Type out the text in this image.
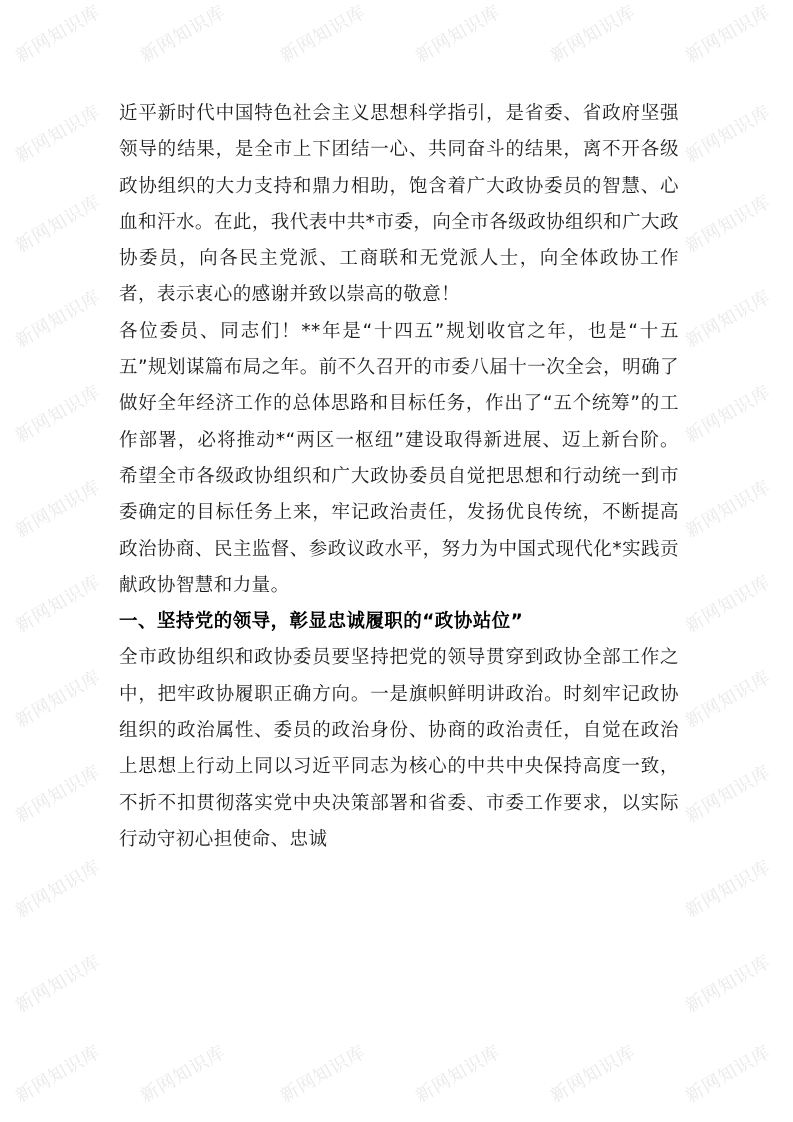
新网知识库 新网知识库	新网知识库 新网知识库 新网知识库 新网知识库
新网知识库	新网知识库
新网知识库	新网知识库
新网知识库	新网知识库
新网知识库	新网知识库
新网知识库	新网知识库
新网知识库	新网知识库
新网知识库	新网知识库
新网知识库	新网知识库
新网知识库	新网知识库
新网知识库	新网知识库
新网知识库 新网知识库	新网知识库 新网知识库 新网知识库 新网知识库

近平新时代中国特色社会主义思想科学指引，是省委、省政府坚强领导的结果，是全市上下团结一心、共同奋斗的结果，离不开各级政协组织的大力支持和鼎力相助，饱含着广大政协委员的智慧、心血和汗水。在此，我代表中共*市委，向全市各级政协组织和广大政协委员，向各民主党派、工商联和无党派人士，向全体政协工作者，表示衷心的感谢并致以崇高的敬意！

各位委员、同志们！**年是“十四五”规划收官之年，也是“十五五”规划谋篇布局之年。前不久召开的市委八届十一次全会，明确了做好全年经济工作的总体思路和目标任务，作出了“五个统筹”的工作部署，必将推动*“两区一枢纽”建设取得新进展、迈上新台阶。希望全市各级政协组织和广大政协委员自觉把思想和行动统一到市委确定的目标任务上来，牢记政治责任，发扬优良传统，不断提高政治协商、民主监督、参政议政水平，努力为中国式现代化*实践贡献政协智慧和力量。

一、坚持党的领导，彰显忠诚履职的“政协站位”

全市政协组织和政协委员要坚持把党的领导贯穿到政协全部工作之中，把牢政协履职正确方向。一是旗帜鲜明讲政治。时刻牢记政协组织的政治属性、委员的政治身份、协商的政治责任，自觉在政治上思想上行动上同以习近平同志为核心的中共中央保持高度一致，不折不扣贯彻落实党中央决策部署和省委、市委工作要求，以实际行动守初心担使命、忠诚
